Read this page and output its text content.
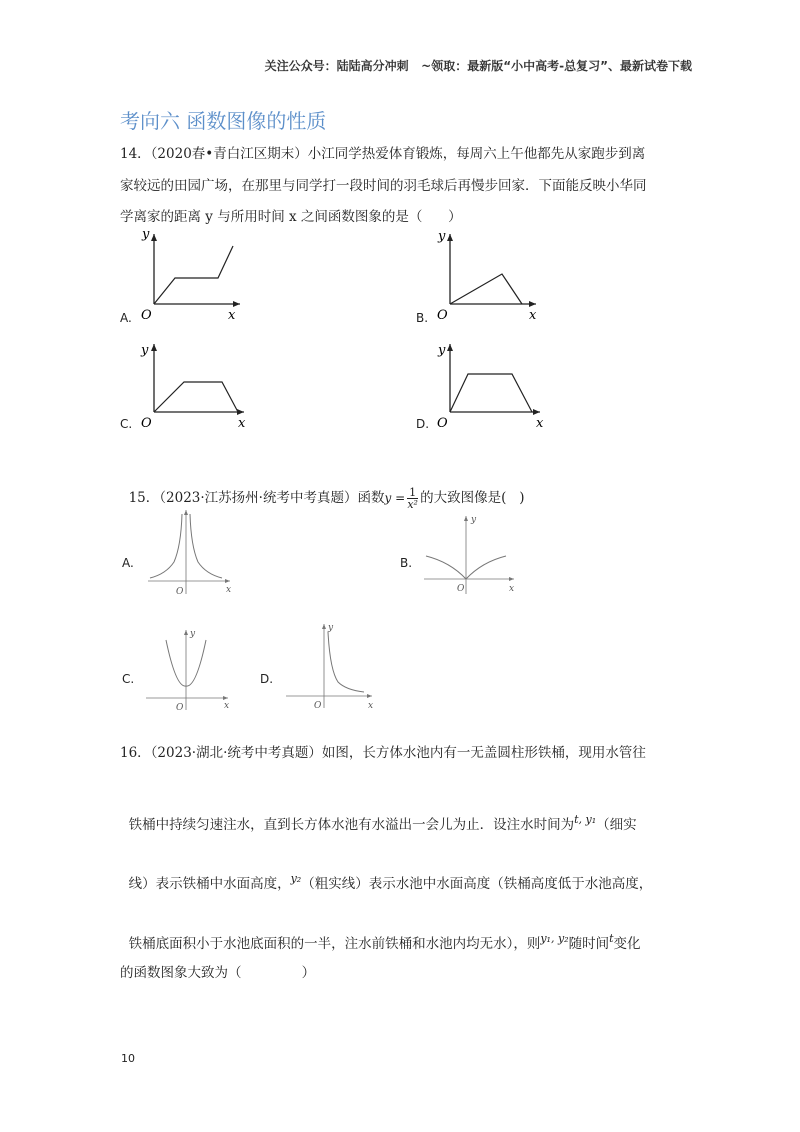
关注公众号：陆陆高分冲刺   ~领取：最新版“小中高考-总复习”、最新试卷下载
考向六 函数图像的性质
14．（2020春•青白江区期末）小江同学热爱体育锻炼，每周六上午他都先从家跑步到离
家较远的田园广场，在那里与同学打一段时间的羽毛球后再慢步回家．下面能反映小华同
学离家的距离 y 与所用时间 x 之间函数图象的是（      ）
A.	B.
C.	D.
y
O	x
y
O	x
y
O	x
y
O	x

15．（2023·江苏扬州·统考中考真题）函数$y = \frac{1}{\text{x²}}$ 的大致图像是(   )

A.	B.
C.	D.
O	x
y
O	x
y
O	x
y
O	x
16．（2023·湖北·统考中考真题）如图，长方体水池内有一无盖圆柱形铁桶，现用水管往

铁桶中持续匀速注水，直到长方体水池有水溢出一会儿为止．设注水时间为$^{t, y_1}$（细实

线）表示铁桶中水面高度，$^{y_2}$（粗实线）表示水池中水面高度（铁桶高度低于水池高度，

铁桶底面积小于水池底面积的一半，注水前铁桶和水池内均无水），则$^{y_1, y_2}$随时间$^t$变化

的函数图象大致为（              ）
10
